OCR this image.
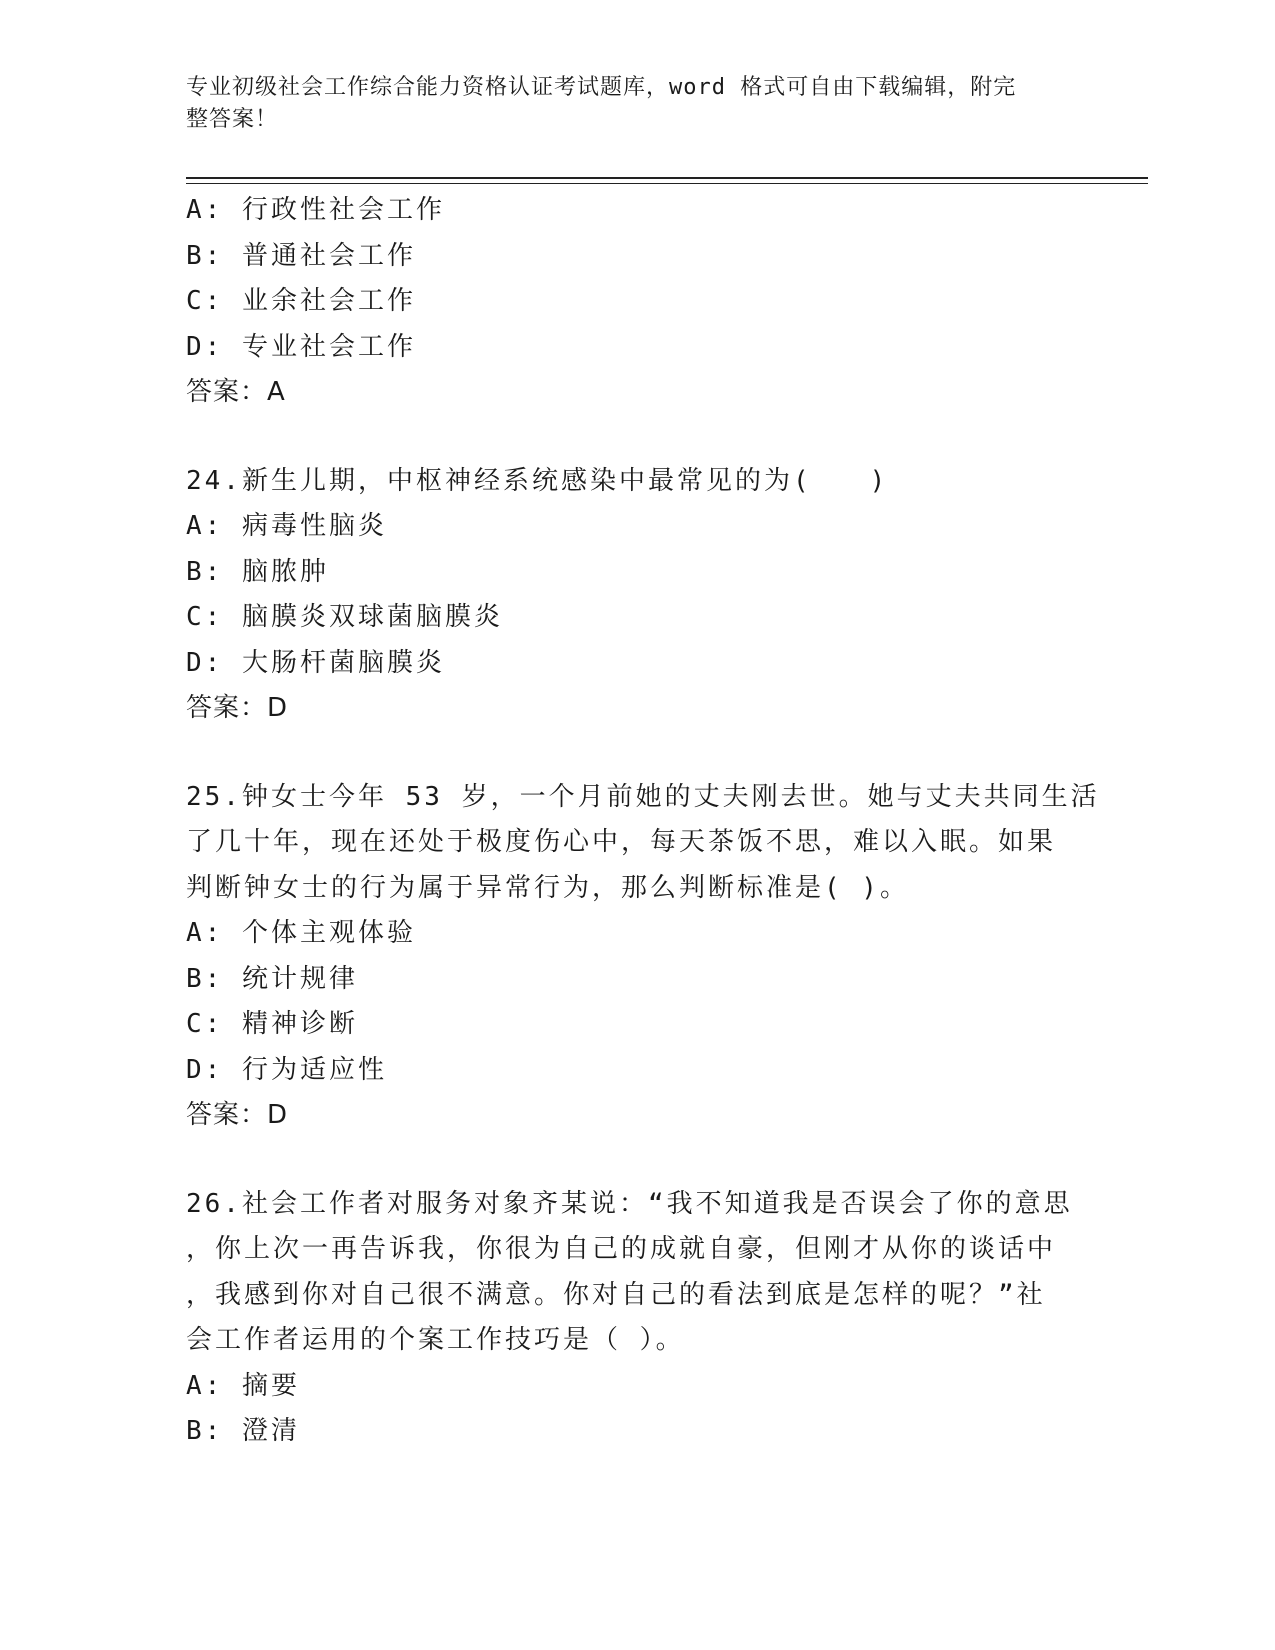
专业初级社会工作综合能力资格认证考试题库，word 格式可自由下载编辑，附完
整答案！
A: 行政性社会工作
B: 普通社会工作
C: 业余社会工作
D: 专业社会工作
答案：A
24.新生儿期，中枢神经系统感染中最常见的为(　　)
A: 病毒性脑炎
B: 脑脓肿
C: 脑膜炎双球菌脑膜炎
D: 大肠杆菌脑膜炎
答案：D
25.钟女士今年 53 岁，一个月前她的丈夫刚去世。她与丈夫共同生活
了几十年，现在还处于极度伤心中，每天茶饭不思，难以入眠。如果
判断钟女士的行为属于异常行为，那么判断标准是( )。
A: 个体主观体验
B: 统计规律
C: 精神诊断
D: 行为适应性
答案：D
26.社会工作者对服务对象齐某说：“我不知道我是否误会了你的意思
，你上次一再告诉我，你很为自己的成就自豪，但刚才从你的谈话中
，我感到你对自己很不满意。你对自己的看法到底是怎样的呢？”社
会工作者运用的个案工作技巧是（ ）。
A: 摘要
B: 澄清
